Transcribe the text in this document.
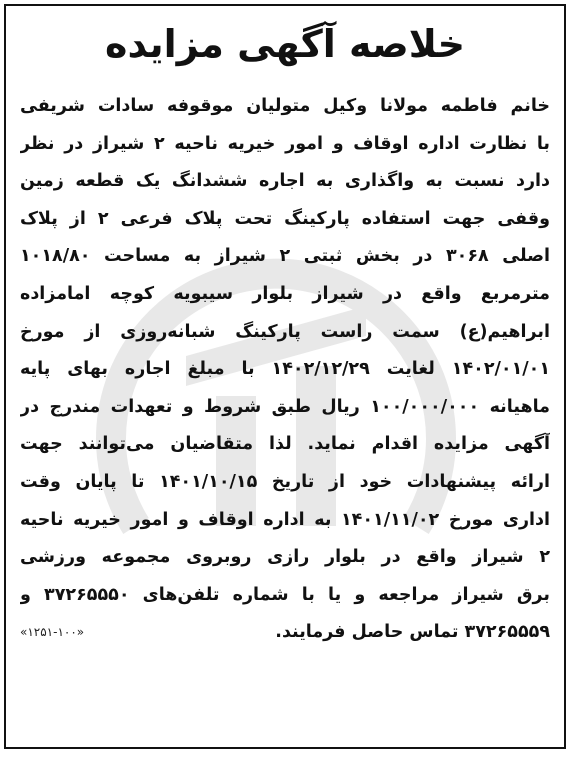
خلاصه آگهی مزایده
خانم فاطمه مولانا وکیل متولیان موقوفه سادات شریفی
با نظارت اداره اوقاف و امور خیریه ناحیه ۲ شیراز در نظر
دارد نسبت به واگذاری به اجاره ششدانگ یک قطعه زمین
وقفی جهت استفاده پارکینگ تحت پلاک فرعی ۲ از پلاک
اصلی ۳۰۶۸ در بخش ثبتی ۲ شیراز به مساحت ۱۰۱۸/۸۰
مترمربع واقع در شیراز بلوار سیبویه کوچه امامزاده
ابراهیم(ع) سمت راست پارکینگ شبانه‌روزی از مورخ
۱۴۰۲/۰۱/۰۱ لغایت ۱۴۰۲/۱۲/۲۹ با مبلغ اجاره بهای پایه
ماهیانه ۱۰۰/۰۰۰/۰۰۰ ریال طبق شروط و تعهدات مندرج در
آگهی مزایده اقدام نماید. لذا متقاضیان می‌توانند جهت
ارائه پیشنهادات خود از تاریخ ۱۴۰۱/۱۰/۱۵ تا پایان وقت
اداری مورخ ۱۴۰۱/۱۱/۰۲ به اداره اوقاف و امور خیریه ناحیه
۲ شیراز واقع در بلوار رازی روبروی مجموعه ورزشی
برق شیراز مراجعه و یا با شماره تلفن‌های ۳۷۲۶۵۵۵۰ و
۳۷۲۶۵۵۵۹ تماس حاصل فرمایند.
«۱۲۵۱-۱۰۰»
